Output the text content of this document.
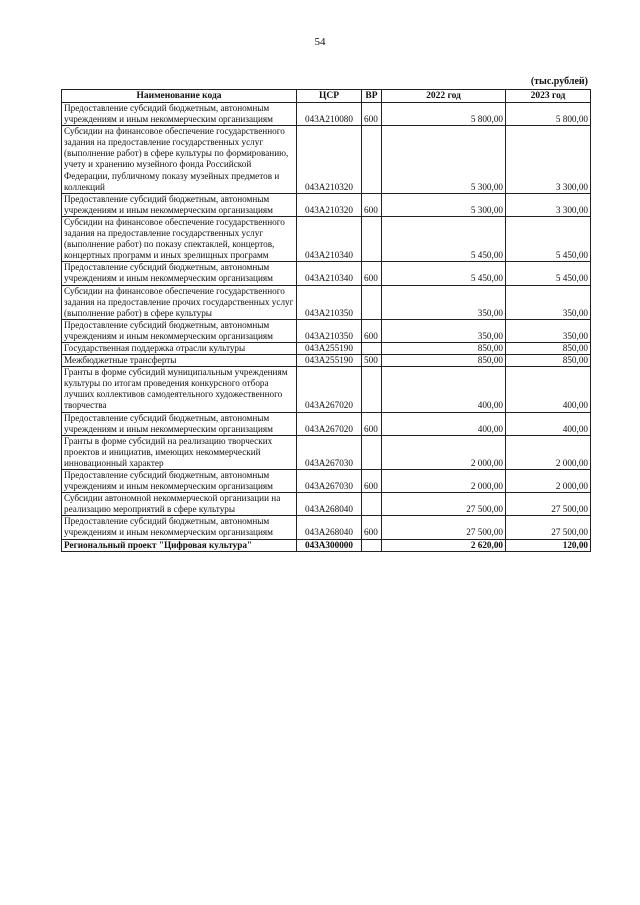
54
(тыс.рублей)
Наименование кода	ЦСР	ВР	2022 год	2023 год
Предоставление субсидий бюджетным, автономным учреждениям и иным некоммерческим организациям	043А210080	600	5 800,00	5 800,00
Субсидии на финансовое обеспечение государственного задания на предоставление государственных услуг (выполнение работ) в сфере культуры по формированию, учету и хранению музейного фонда Российской Федерации, публичному показу музейных предметов и коллекций	043А210320		5 300,00	3 300,00
Предоставление субсидий бюджетным, автономным учреждениям и иным некоммерческим организациям	043А210320	600	5 300,00	3 300,00
Субсидии на финансовое обеспечение государственного задания на предоставление государственных услуг (выполнение работ) по показу спектаклей, концертов, концертных программ и иных зрелищных программ	043А210340		5 450,00	5 450,00
Предоставление субсидий бюджетным, автономным учреждениям и иным некоммерческим организациям	043А210340	600	5 450,00	5 450,00
Субсидии на финансовое обеспечение государственного задания на предоставление прочих государственных услуг (выполнение работ) в сфере культуры	043А210350		350,00	350,00
Предоставление субсидий бюджетным, автономным учреждениям и иным некоммерческим организациям	043А210350	600	350,00	350,00
Государственная поддержка отрасли культуры	043А255190		850,00	850,00
Межбюджетные трансферты	043А255190	500	850,00	850,00
Гранты в форме субсидий муниципальным учреждениям культуры по итогам проведения конкурсного отбора лучших коллективов самодеятельного художественного творчества	043А267020		400,00	400,00
Предоставление субсидий бюджетным, автономным учреждениям и иным некоммерческим организациям	043А267020	600	400,00	400,00
Гранты в форме субсидий на реализацию творческих проектов и инициатив, имеющих некоммерческий инновационный характер	043А267030		2 000,00	2 000,00
Предоставление субсидий бюджетным, автономным учреждениям и иным некоммерческим организациям	043А267030	600	2 000,00	2 000,00
Субсидии автономной некоммерческой организации на реализацию мероприятий в сфере культуры	043А268040		27 500,00	27 500,00
Предоставление субсидий бюджетным, автономным учреждениям и иным некоммерческим организациям	043А268040	600	27 500,00	27 500,00
Региональный проект "Цифровая культура"	043А300000		2 620,00	120,00
